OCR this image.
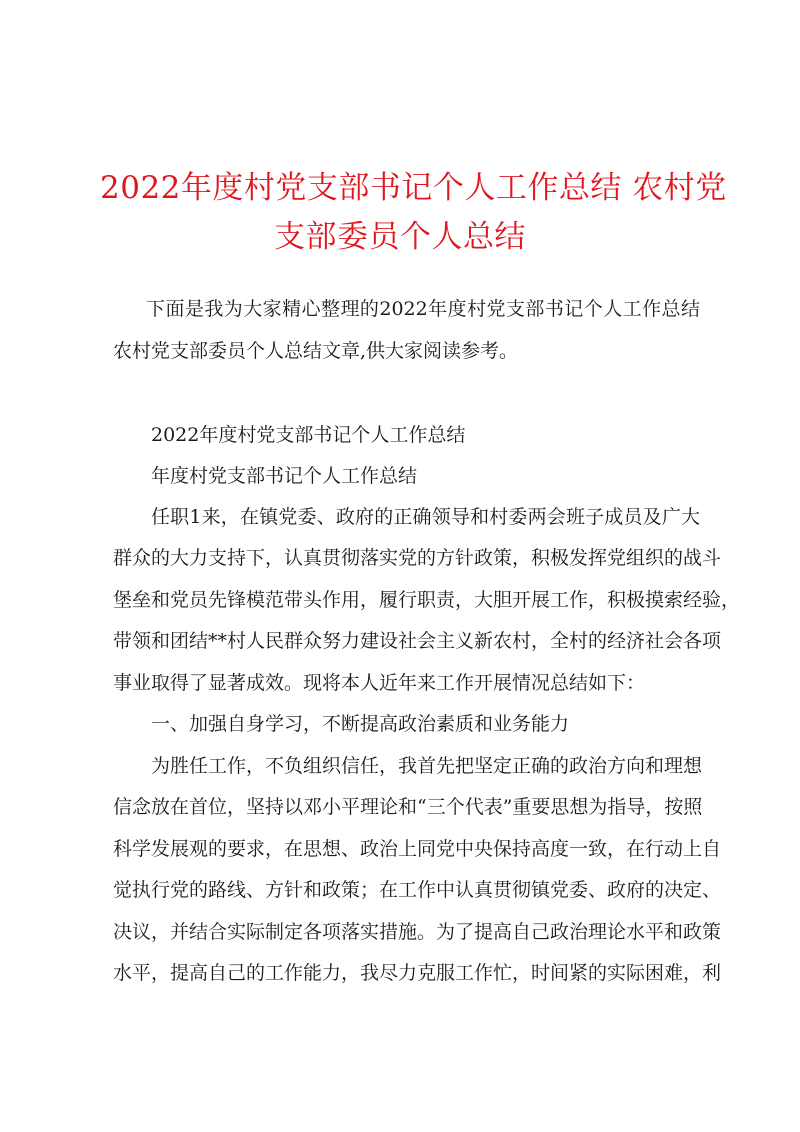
2022年度村党支部书记个人工作总结 农村党
支部委员个人总结
下面是我为大家精心整理的2022年度村党支部书记个人工作总结
农村党支部委员个人总结文章,供大家阅读参考。
2022年度村党支部书记个人工作总结
年度村党支部书记个人工作总结
任职1来，在镇党委、政府的正确领导和村委两会班子成员及广大
群众的大力支持下，认真贯彻落实党的方针政策，积极发挥党组织的战斗
堡垒和党员先锋模范带头作用，履行职责，大胆开展工作，积极摸索经验，
带领和团结**村人民群众努力建设社会主义新农村，全村的经济社会各项
事业取得了显著成效。现将本人近年来工作开展情况总结如下：
一、加强自身学习，不断提高政治素质和业务能力
为胜任工作，不负组织信任，我首先把坚定正确的政治方向和理想
信念放在首位，坚持以邓小平理论和“三个代表”重要思想为指导，按照
科学发展观的要求，在思想、政治上同党中央保持高度一致，在行动上自
觉执行党的路线、方针和政策；在工作中认真贯彻镇党委、政府的决定、
决议，并结合实际制定各项落实措施。为了提高自己政治理论水平和政策
水平，提高自己的工作能力，我尽力克服工作忙，时间紧的实际困难，利
